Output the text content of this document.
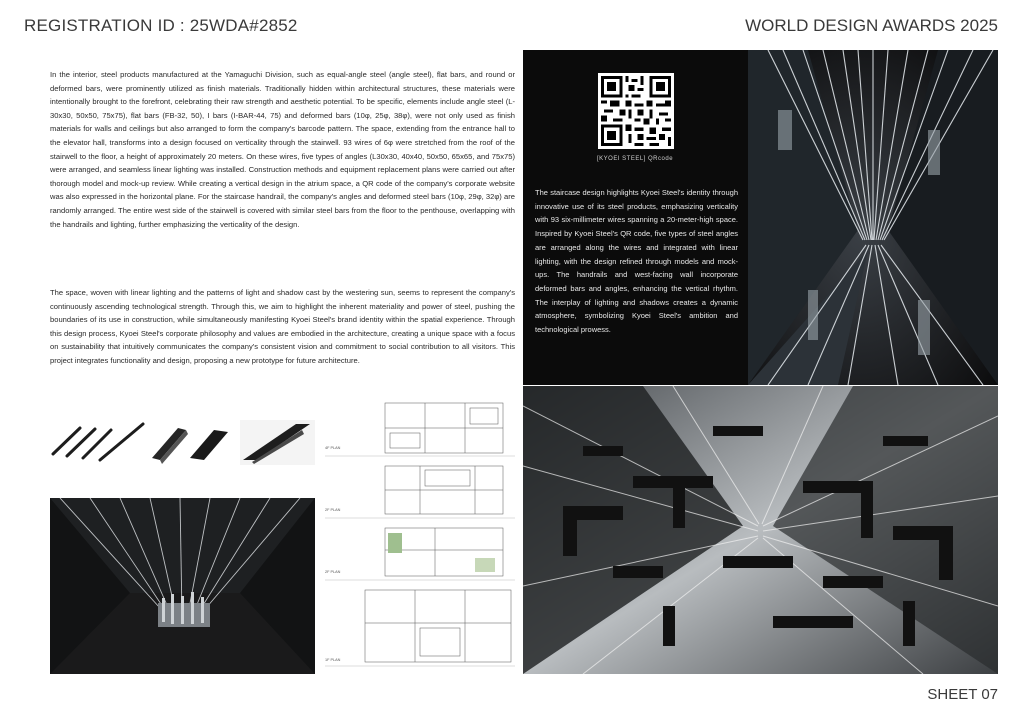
REGISTRATION ID : 25WDA#2852	WORLD DESIGN AWARDS 2025
SHEET 07

In the interior, steel products manufactured at the Yamaguchi Division, such as equal-angle steel (angle steel), flat bars, and round or deformed bars, were prominently utilized as finish materials. Traditionally hidden within architectural structures, these materials were intentionally brought to the forefront, celebrating their raw strength and aesthetic potential. To be specific, elements include angle steel (L-30x30, 50x50, 75x75), flat bars (FB-32, 50), I bars (I-BAR-44, 75) and deformed bars (10φ, 25φ, 38φ), were not only used as finish materials for walls and ceilings but also arranged to form the company's barcode pattern. The space, extending from the entrance hall to the elevator hall, transforms into a design focused on verticality through the stairwell. 93 wires of 6φ were stretched from the roof of the stairwell to the floor, a height of approximately 20 meters. On these wires, five types of angles (L30x30, 40x40, 50x50, 65x65, and 75x75) were arranged, and seamless linear lighting was installed. Construction methods and equipment replacement plans were carried out after thorough model and mock-up review. While creating a vertical design in the atrium space, a QR code of the company's corporate website was also expressed in the horizontal plane. For the staircase handrail, the company's angles and deformed steel bars (10φ, 29φ, 32φ) are randomly arranged. The entire west side of the stairwell is covered with similar steel bars from the floor to the penthouse, overlapping with the handrails and lighting, further emphasizing the verticality of the design.

The space, woven with linear lighting and the patterns of light and shadow cast by the westering sun, seems to represent the company's continuously ascending technological strength. Through this, we aim to highlight the inherent materiality and power of steel, pushing the boundaries of its use in construction, while simultaneously manifesting Kyoei Steel's brand identity within the spatial experience. Through this design process, Kyoei Steel's corporate philosophy and values are embodied in the architecture, creating a unique space with a focus on sustainability that intuitively communicates the company's consistent vision and commitment to social contribution to all visitors. This project integrates functionality and design, proposing a new prototype for future architecture.

[KYOEI STEEL] QRcode

The staircase design highlights Kyoei Steel's identity through innovative use of its steel products, emphasizing verticality with 93 six-millimeter wires spanning a 20-meter-high space. Inspired by Kyoei Steel's QR code, five types of steel angles are arranged along the wires and integrated with linear lighting, with the design refined through models and mock-ups. The handrails and west-facing wall incorporate deformed bars and angles, enhancing the vertical rhythm. The interplay of lighting and shadows creates a dynamic atmosphere, symbolizing Kyoei Steel's ambition and technological prowess.

4F PLAN
2F PLAN
2F PLAN
1F PLAN
